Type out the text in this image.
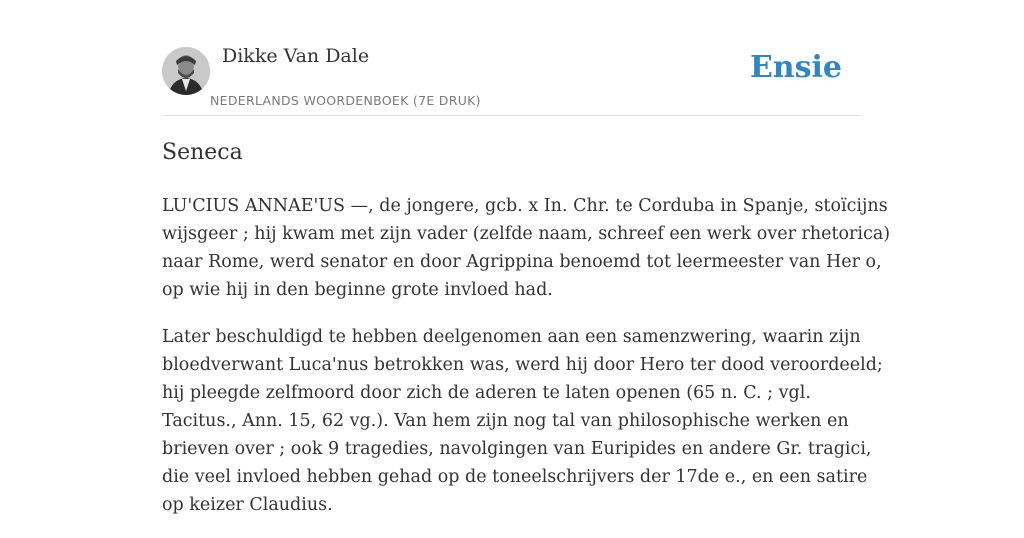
Dikke Van Dale
NEDERLANDS WOORDENBOEK (7E DRUK)
Ensie
Seneca

LU'CIUS ANNAE'US —, de jongere, gcb. x In. Chr. te Corduba in Spanje, stoïcijns
wijsgeer ; hij kwam met zijn vader (zelfde naam, schreef een werk over rhetorica)
naar Rome, werd senator en door Agrippina benoemd tot leermeester van Her o,
op wie hij in den beginne grote invloed had.

Later beschuldigd te hebben deelgenomen aan een samenzwering, waarin zijn
bloedverwant Luca'nus betrokken was, werd hij door Hero ter dood veroordeeld;
hij pleegde zelfmoord door zich de aderen te laten openen (65 n. C. ; vgl.
Tacitus., Ann. 15, 62 vg.). Van hem zijn nog tal van philosophische werken en
brieven over ; ook 9 tragedies, navolgingen van Euripides en andere Gr. tragici,
die veel invloed hebben gehad op de toneelschrijvers der 17de e., en een satire
op keizer Claudius.
